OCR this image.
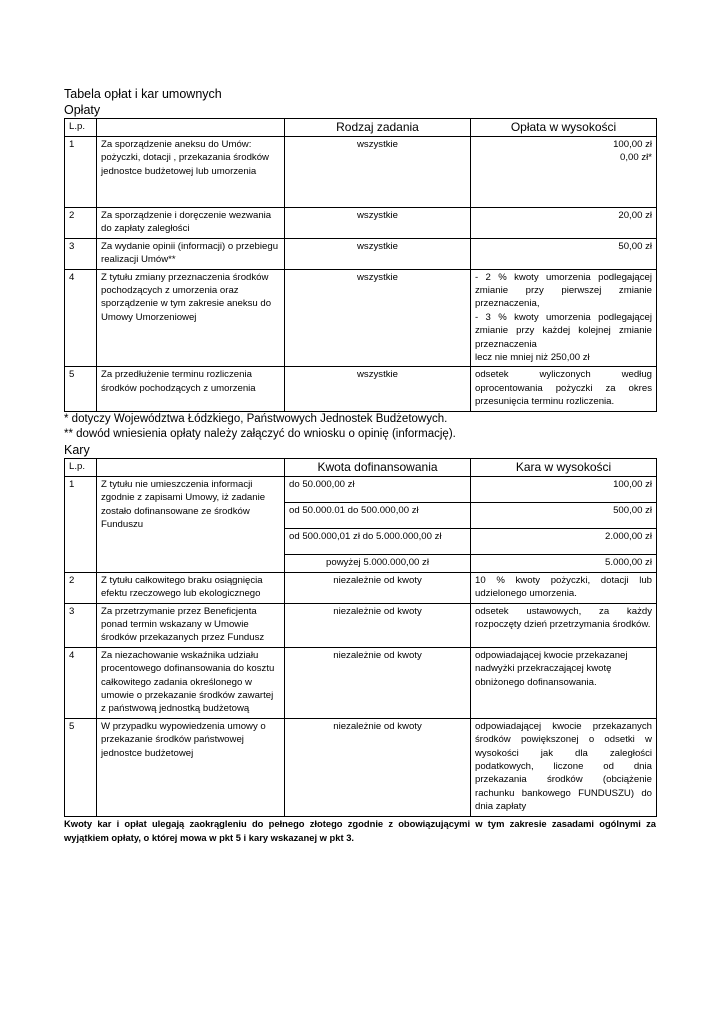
Tabela opłat i kar umownych
Opłaty
L.p.		Rodzaj zadania	Opłata w wysokości
1	Za sporządzenie aneksu do Umów: pożyczki, dotacji , przekazania środków jednostce budżetowej lub umorzenia	wszystkie	100,00 zł
0,00 zł*

2	Za sporządzenie i doręczenie wezwania do zapłaty zaległości	wszystkie	20,00 zł
3	Za wydanie opinii (informacji) o przebiegu realizacji Umów**	wszystkie	50,00 zł
4	Z tytułu zmiany przeznaczenia środków pochodzących z umorzenia oraz sporządzenie w tym zakresie aneksu do Umowy Umorzeniowej	wszystkie	- 2 % kwoty umorzenia podlegającej zmianie przy pierwszej zmianie przeznaczenia,
- 3 % kwoty umorzenia podlegającej zmianie przy każdej kolejnej zmianie przeznaczenia
lecz nie mniej niż 250,00 zł

5	Za przedłużenie terminu rozliczenia środków pochodzących z umorzenia	wszystkie	odsetek wyliczonych według oprocentowania pożyczki za okres przesunięcia terminu rozliczenia.
* dotyczy Województwa Łódzkiego, Państwowych Jednostek Budżetowych.
** dowód wniesienia opłaty należy załączyć do wniosku o opinię (informację).
Kary
L.p.		Kwota dofinansowania	Kara w wysokości
1	Z tytułu nie umieszczenia informacji zgodnie z zapisami Umowy, iż zadanie zostało dofinansowane ze środków Funduszu	do 50.000,00 zł	100,00 zł
		od 50.000.01 do 500.000,00 zł	500,00 zł
		od 500.000,01 zł do 5.000.000,00 zł	2.000,00 zł
		powyżej 5.000.000,00 zł	5.000,00 zł
2	Z tytułu całkowitego braku osiągnięcia efektu rzeczowego lub ekologicznego	niezależnie od kwoty	10 % kwoty pożyczki, dotacji lub udzielonego umorzenia.
3	Za przetrzymanie przez Beneficjenta ponad termin wskazany w Umowie środków przekazanych przez Fundusz	niezależnie od kwoty	odsetek ustawowych, za każdy rozpoczęty dzień przetrzymania środków.
4	Za niezachowanie wskaźnika udziału procentowego dofinansowania do kosztu całkowitego zadania określonego w umowie o przekazanie środków zawartej z państwową jednostką budżetową	niezależnie od kwoty	odpowiadającej kwocie przekazanej nadwyżki przekraczającej kwotę obniżonego dofinansowania.
5	W przypadku wypowiedzenia umowy o przekazanie środków państwowej jednostce budżetowej	niezależnie od kwoty	odpowiadającej kwocie przekazanych środków powiększonej o odsetki w wysokości jak dla zaległości podatkowych, liczone od dnia przekazania środków (obciążenie rachunku bankowego FUNDUSZU) do dnia zapłaty
Kwoty kar i opłat ulegają zaokrągleniu do pełnego złotego zgodnie z obowiązującymi w tym zakresie zasadami ogólnymi za wyjątkiem opłaty, o której mowa w pkt 5 i kary wskazanej w pkt 3.
